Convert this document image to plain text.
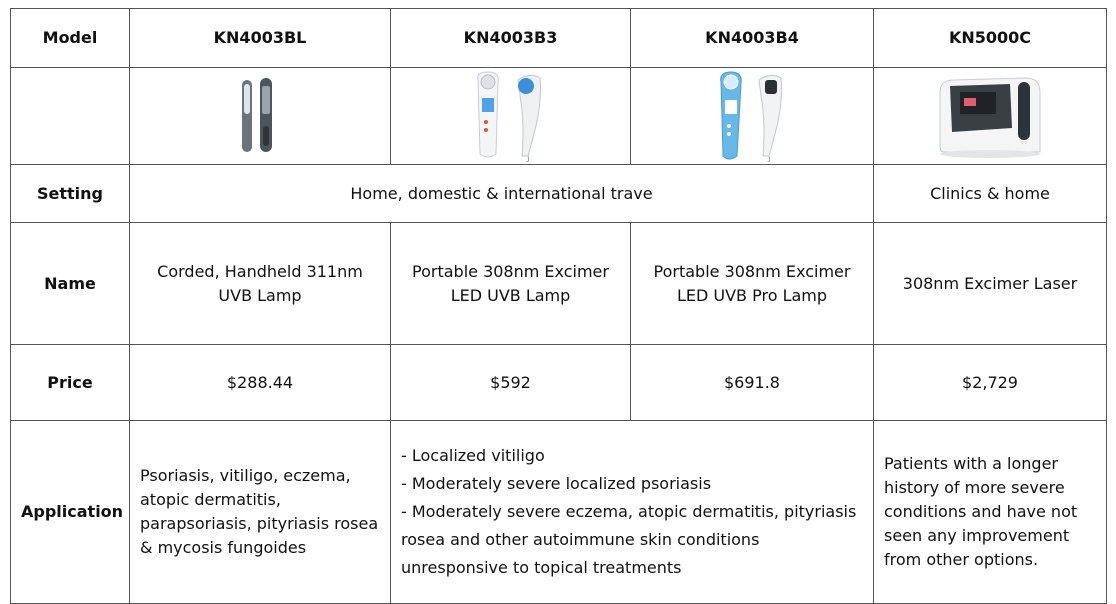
Model	KN4003BL	KN4003B3	KN4003B4	KN5000C

Setting	Home, domestic & international trave			Clinics & home
Name	Corded, Handheld 311nm UVB Lamp	Portable 308nm Excimer LED UVB Lamp	Portable 308nm Excimer LED UVB Pro Lamp	308nm Excimer Laser
Price	$288.44	$592	$691.8	$2,729
Application	Psoriasis, vitiligo, eczema, atopic dermatitis, parapsoriasis, pityriasis rosea & mycosis fungoides	- Localized vitiligo
- Moderately severe localized psoriasis
- Moderately severe eczema, atopic dermatitis, pityriasis rosea and other autoimmune skin conditions unresponsive to topical treatments		Patients with a longer history of more severe conditions and have not seen any improvement from other options.
